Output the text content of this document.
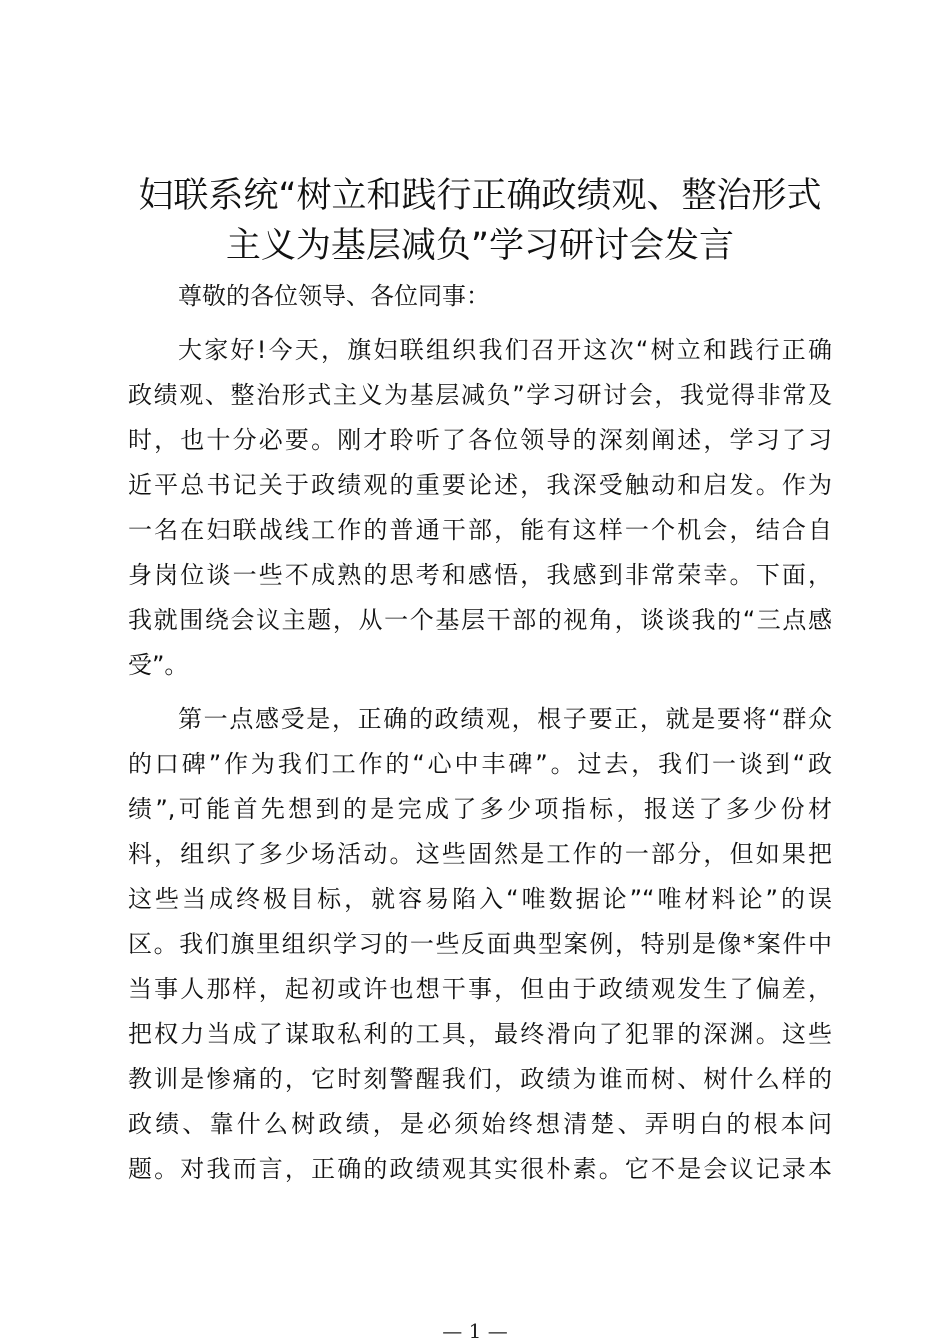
妇联系统“树立和践行正确政绩观、整治形式
主义为基层减负”学习研讨会发言
尊敬的各位领导、各位同事：
大家好!今天，旗妇联组织我们召开这次“树立和践行正确
政绩观、整治形式主义为基层减负”学习研讨会，我觉得非常及
时，也十分必要。刚才聆听了各位领导的深刻阐述，学习了习
近平总书记关于政绩观的重要论述，我深受触动和启发。作为
一名在妇联战线工作的普通干部，能有这样一个机会，结合自
身岗位谈一些不成熟的思考和感悟，我感到非常荣幸。下面，
我就围绕会议主题，从一个基层干部的视角，谈谈我的“三点感
受”。
第一点感受是，正确的政绩观，根子要正，就是要将“群众
的口碑”作为我们工作的“心中丰碑”。过去，我们一谈到“政
绩”,可能首先想到的是完成了多少项指标，报送了多少份材
料，组织了多少场活动。这些固然是工作的一部分，但如果把
这些当成终极目标，就容易陷入“唯数据论”“唯材料论”的误
区。我们旗里组织学习的一些反面典型案例，特别是像*案件中
当事人那样，起初或许也想干事，但由于政绩观发生了偏差，
把权力当成了谋取私利的工具，最终滑向了犯罪的深渊。这些
教训是惨痛的，它时刻警醒我们，政绩为谁而树、树什么样的
政绩、靠什么树政绩，是必须始终想清楚、弄明白的根本问
题。对我而言，正确的政绩观其实很朴素。它不是会议记录本
— 1 —
